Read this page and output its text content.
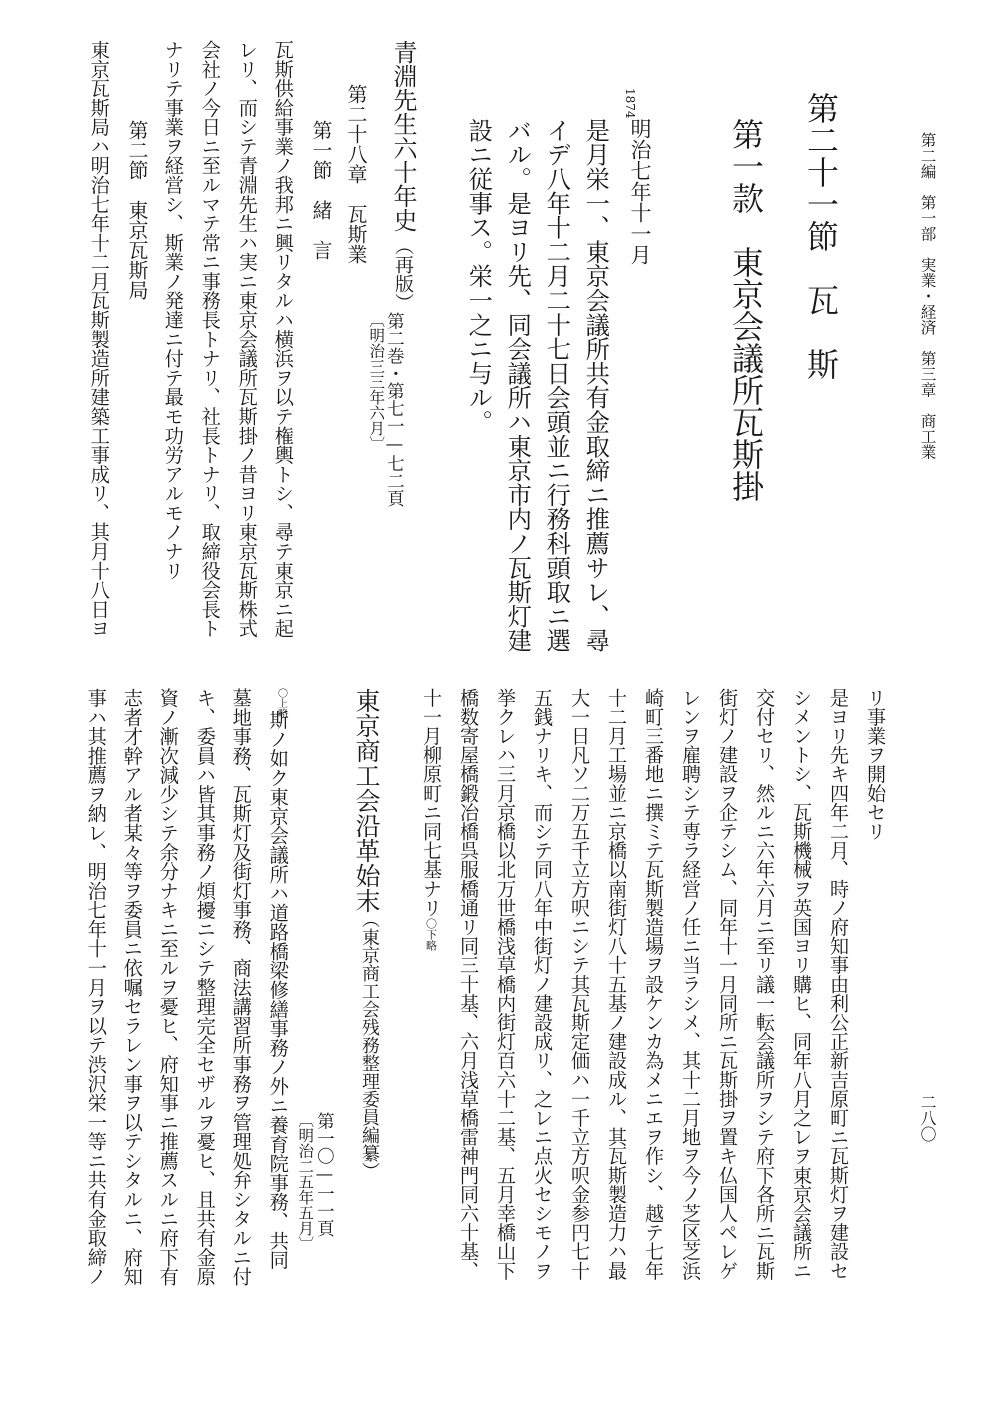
第二編　第一部　実業・経済　第三章　商工業
二八〇
第二十一節　瓦　斯
第一款　東京会議所瓦斯掛
1874
明治七年十一月
是月栄一、東京会議所共有金取締ニ推薦サレ、尋
イデ八年十二月二十七日会頭並ニ行務科頭取ニ選
バル。是ヨリ先、同会議所ハ東京市内ノ瓦斯灯建
設ニ従事ス。栄一之ニ与ル。
青淵先生六十年史
（再版）
第二巻・第七一—七二頁
〔明治三三年六月〕
第二十八章　瓦斯業
第一節　緒　言
瓦斯供給事業ノ我邦ニ興リタルハ横浜ヲ以テ権輿トシ、尋テ東京ニ起
レリ、而シテ青淵先生ハ実ニ東京会議所瓦斯掛ノ昔ヨリ東京瓦斯株式
会社ノ今日ニ至ルマテ常ニ事務長トナリ、社長トナリ、取締役会長ト
ナリテ事業ヲ経営シ、斯業ノ発達ニ付テ最モ功労アルモノナリ
第二節　東京瓦斯局
東京瓦斯局ハ明治七年十二月瓦斯製造所建築工事成リ、其月十八日ヨ
リ事業ヲ開始セリ
是ヨリ先キ四年二月、時ノ府知事由利公正新吉原町ニ瓦斯灯ヲ建設セ
シメントシ、瓦斯機械ヲ英国ヨリ購ヒ、同年八月之レヲ東京会議所ニ
交付セリ、然ルニ六年六月ニ至リ議一転会議所ヲシテ府下各所ニ瓦斯
街灯ノ建設ヲ企テシム、同年十一月同所ニ瓦斯掛ヲ置キ仏国人ペレゲ
レンヲ雇聘シテ専ラ経営ノ任ニ当ラシメ、其十二月地ヲ今ノ芝区芝浜
崎町三番地ニ撰ミテ瓦斯製造場ヲ設ケンカ為メニエヲ作シ、越テ七年
十二月工場並ニ京橋以南街灯八十五基ノ建設成ル、其瓦斯製造力ハ最
大一日凡ソ二万五千立方呎ニシテ其瓦斯定価ハ一千立方呎金参円七十
五銭ナリキ、而シテ同八年中街灯ノ建設成リ、之レニ点火セシモノヲ
挙クレハ三月京橋以北万世橋浅草橋内街灯百六十二基、五月幸橋山下
橋数寄屋橋鍛冶橋呉服橋通リ同三十基、六月浅草橋雷神門同六十基、
十一月柳原町ニ同七基ナリ
〇下略
東京商工会沿革始末
（東京商工会残務整理委員編纂）
第一〇—一一頁
〔明治二五年五月〕
〇上略
斯ノ如ク東京会議所ハ道路橋梁修繕事務ノ外ニ養育院事務、共同
墓地事務、瓦斯灯及街灯事務、商法講習所事務ヲ管理処弁シタルニ付
キ、委員ハ皆其事務ノ煩擾ニシテ整理完全セザルヲ憂ヒ、且共有金原
資ノ漸次減少シテ余分ナキニ至ルヲ憂ヒ、府知事ニ推薦スルニ府下有
志者才幹アル者某々等ヲ委員ニ依嘱セラレン事ヲ以テシタルニ、府知
事ハ其推薦ヲ納レ、明治七年十一月ヲ以テ渋沢栄一等ニ共有金取締ノ
